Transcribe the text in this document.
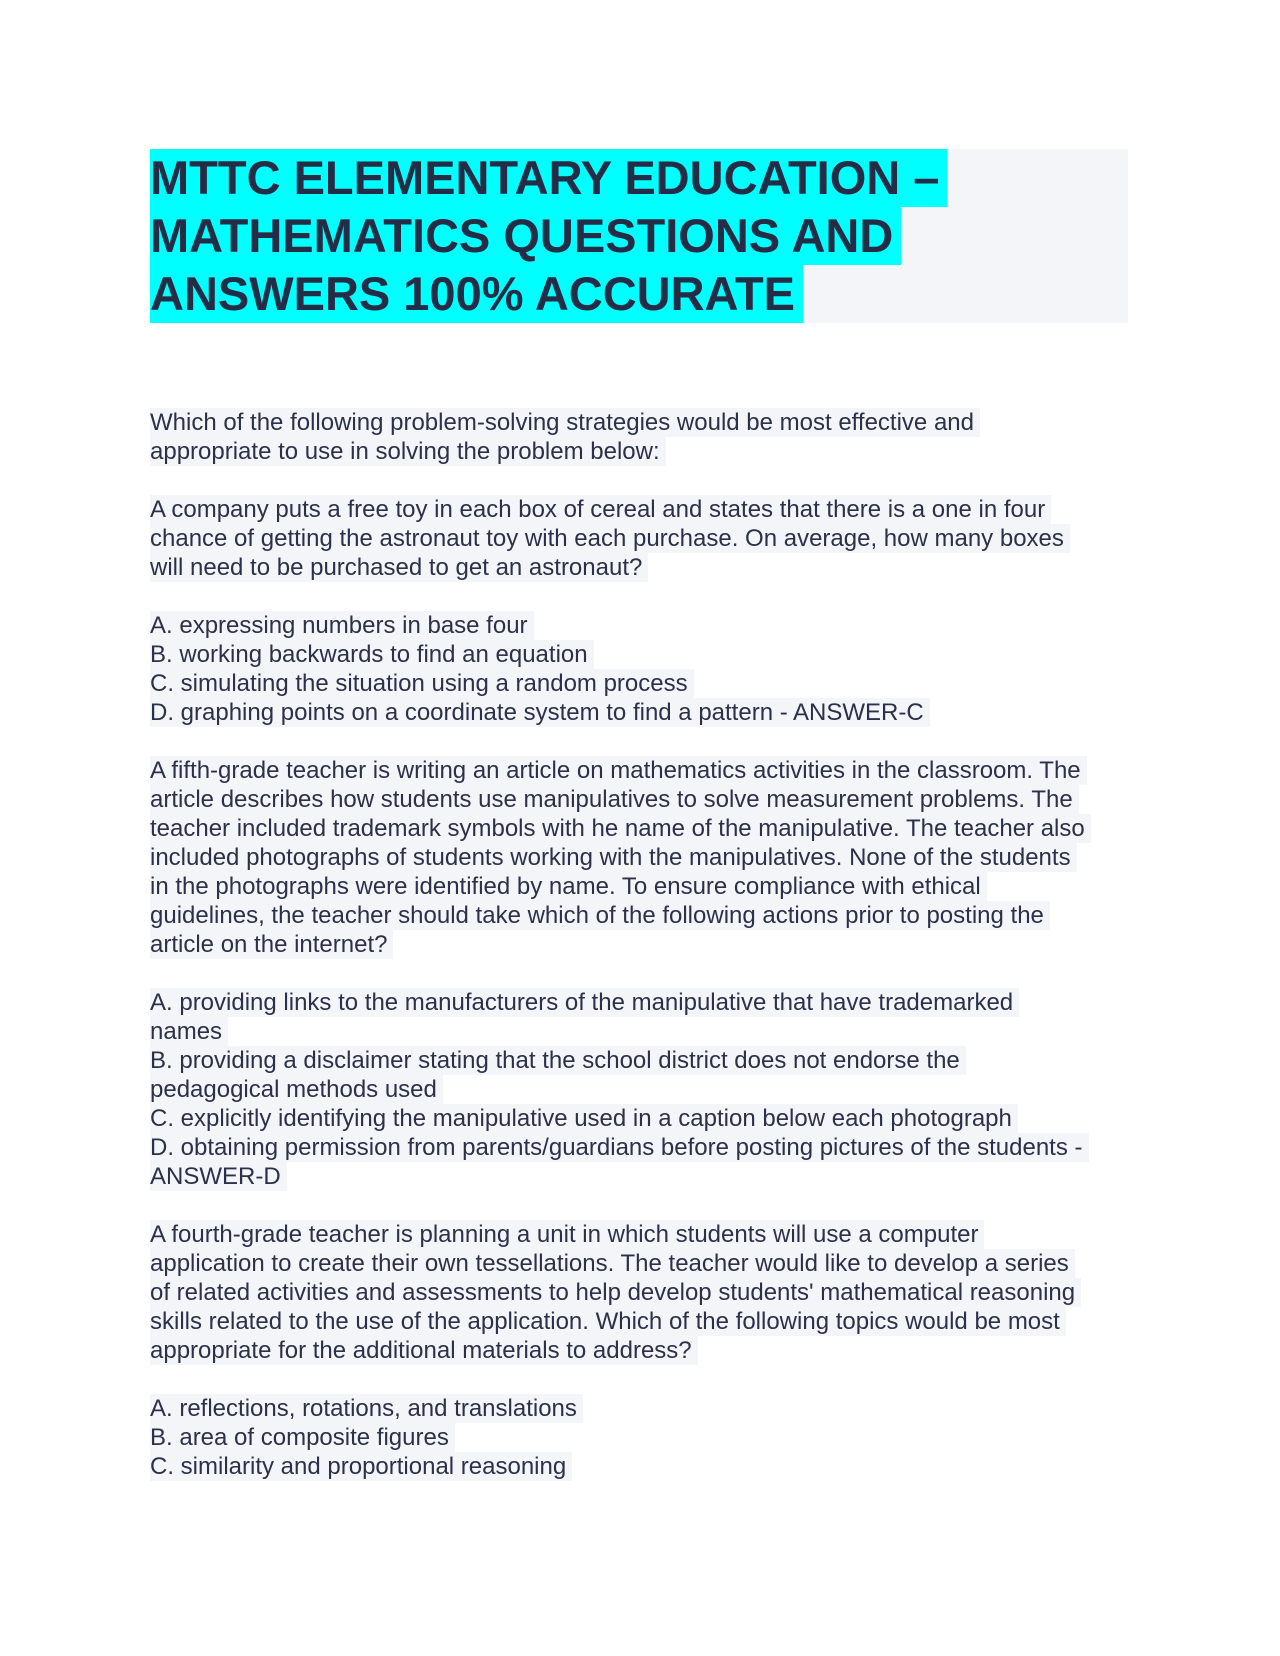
MTTC ELEMENTARY EDUCATION –
MATHEMATICS QUESTIONS AND
ANSWERS 100% ACCURATE

Which of the following problem-solving strategies would be most effective and
appropriate to use in solving the problem below:

A company puts a free toy in each box of cereal and states that there is a one in four
chance of getting the astronaut toy with each purchase. On average, how many boxes
will need to be purchased to get an astronaut?

A. expressing numbers in base four
B. working backwards to find an equation
C. simulating the situation using a random process
D. graphing points on a coordinate system to find a pattern - ANSWER-C

A fifth-grade teacher is writing an article on mathematics activities in the classroom. The
article describes how students use manipulatives to solve measurement problems. The
teacher included trademark symbols with he name of the manipulative. The teacher also
included photographs of students working with the manipulatives. None of the students
in the photographs were identified by name. To ensure compliance with ethical
guidelines, the teacher should take which of the following actions prior to posting the
article on the internet?

A. providing links to the manufacturers of the manipulative that have trademarked
names
B. providing a disclaimer stating that the school district does not endorse the
pedagogical methods used
C. explicitly identifying the manipulative used in a caption below each photograph
D. obtaining permission from parents/guardians before posting pictures of the students -
ANSWER-D

A fourth-grade teacher is planning a unit in which students will use a computer
application to create their own tessellations. The teacher would like to develop a series
of related activities and assessments to help develop students' mathematical reasoning
skills related to the use of the application. Which of the following topics would be most
appropriate for the additional materials to address?

A. reflections, rotations, and translations
B. area of composite figures
C. similarity and proportional reasoning
